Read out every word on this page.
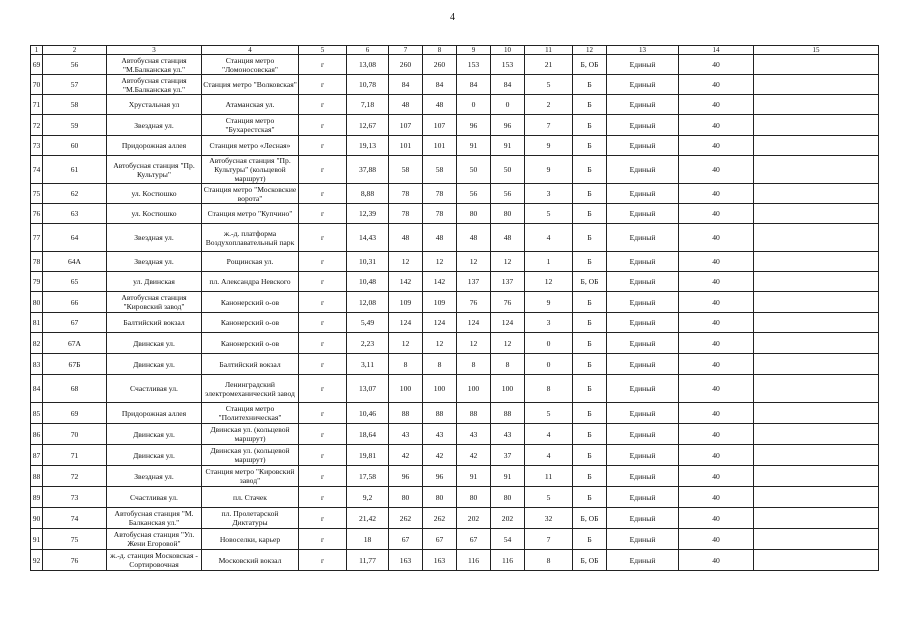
4
1	2	3	4	5	6	7	8	9	10	11	12	13	14	15
69	56	Автобусная станция "М.Балканская ул."	Станция метро "Ломоносовская"	г	13,08	260	260	153	153	21	Б, ОБ	Единый	40	
70	57	Автобусная станция "М.Балканская ул."	Станция метро "Волковская"	г	10,78	84	84	84	84	5	Б	Единый	40	
71	58	Хрустальная ул	Атаманская ул.	г	7,18	48	48	0	0	2	Б	Единый	40	
72	59	Звездная ул.	Станция метро "Бухарестская"	г	12,67	107	107	96	96	7	Б	Единый	40	
73	60	Придорожная аллея	Станция метро «Лесная»	г	19,13	101	101	91	91	9	Б	Единый	40	
74	61	Автобусная станция "Пр. Культуры"	Автобусная станция "Пр. Культуры" (кольцевой маршрут)	г	37,88	58	58	50	50	9	Б	Единый	40	
75	62	ул. Костюшко	Станция метро "Московские ворота"	г	8,88	78	78	56	56	3	Б	Единый	40	
76	63	ул. Костюшко	Станция метро "Купчино"	г	12,39	78	78	80	80	5	Б	Единый	40	
77	64	Звездная ул.	ж.-д. платформа Воздухоплавательный парк	г	14,43	48	48	48	48	4	Б	Единый	40	
78	64А	Звездная ул.	Рощинская ул.	г	10,31	12	12	12	12	1	Б	Единый	40	
79	65	ул. Двинская	пл. Александра Невского	г	10,48	142	142	137	137	12	Б, ОБ	Единый	40	
80	66	Автобусная станция "Кировский завод"	Канонерский о-ов	г	12,08	109	109	76	76	9	Б	Единый	40	
81	67	Балтийский вокзал	Канонерский о-ов	г	5,49	124	124	124	124	3	Б	Единый	40	
82	67А	Двинская ул.	Канонерский о-ов	г	2,23	12	12	12	12	0	Б	Единый	40	
83	67Б	Двинская ул.	Балтийский вокзал	г	3,11	8	8	8	8	0	Б	Единый	40	
84	68	Счастливая ул.	Ленинградский электромеханический завод	г	13,07	100	100	100	100	8	Б	Единый	40	
85	69	Придорожная аллея	Станция метро "Политехническая"	г	10,46	88	88	88	88	5	Б	Единый	40	
86	70	Двинская ул.	Двинская ул. (кольцевой маршрут)	г	18,64	43	43	43	43	4	Б	Единый	40	
87	71	Двинская ул.	Двинская ул. (кольцевой маршрут)	г	19,81	42	42	42	37	4	Б	Единый	40	
88	72	Звездная ул.	Станция метро "Кировский завод"	г	17,58	96	96	91	91	11	Б	Единый	40	
89	73	Счастливая ул.	пл. Стачек	г	9,2	80	80	80	80	5	Б	Единый	40	
90	74	Автобусная станция "М. Балканская ул."	пл. Пролетарской Диктатуры	г	21,42	262	262	202	202	32	Б, ОБ	Единый	40	
91	75	Автобусная станция "Ул. Жени Егоровой"	Новоселки, карьер	г	18	67	67	67	54	7	Б	Единый	40	
92	76	ж.-д. станция Московская - Сортировочная	Московский вокзал	г	11,77	163	163	116	116	8	Б, ОБ	Единый	40	
